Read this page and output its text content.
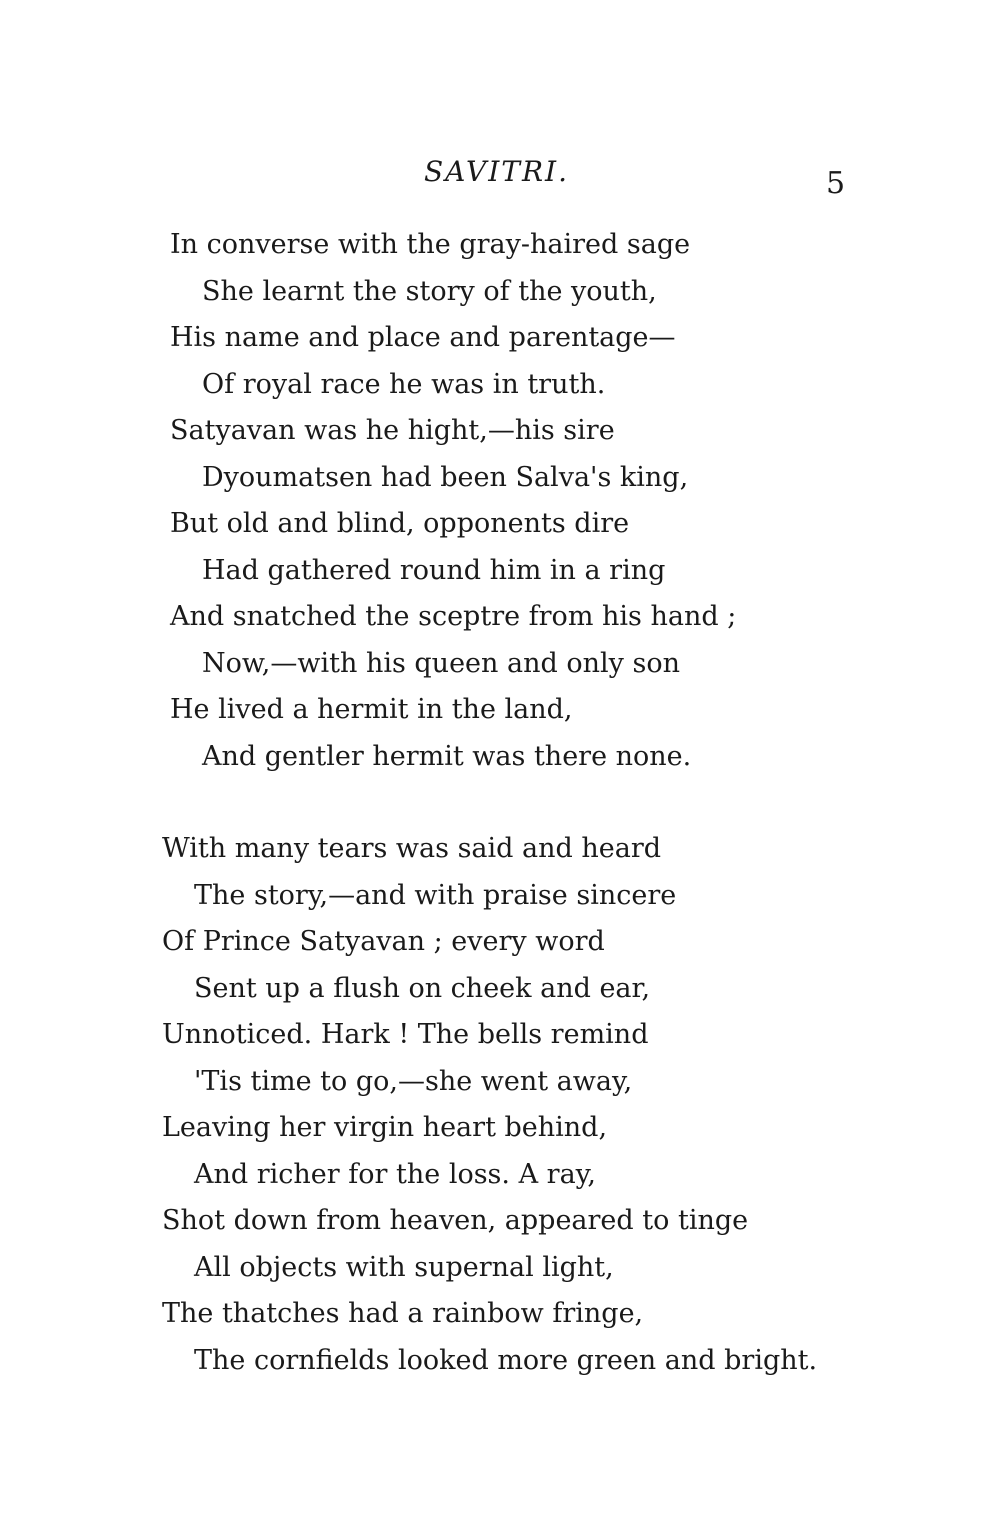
SAVITRI.	5
In converse with the gray-haired sage
She learnt the story of the youth,
His name and place and parentage—
Of royal race he was in truth.
Satyavan was he hight,—his sire
Dyoumatsen had been Salva's king,
But old and blind, opponents dire
Had gathered round him in a ring
And snatched the sceptre from his hand ;
Now,—with his queen and only son
He lived a hermit in the land,
And gentler hermit was there none.
With many tears was said and heard
The story,—and with praise sincere
Of Prince Satyavan ; every word
Sent up a flush on cheek and ear,
Unnoticed. Hark ! The bells remind
'Tis time to go,—she went away,
Leaving her virgin heart behind,
And richer for the loss. A ray,
Shot down from heaven, appeared to tinge
All objects with supernal light,
The thatches had a rainbow fringe,
The cornfields looked more green and bright.
